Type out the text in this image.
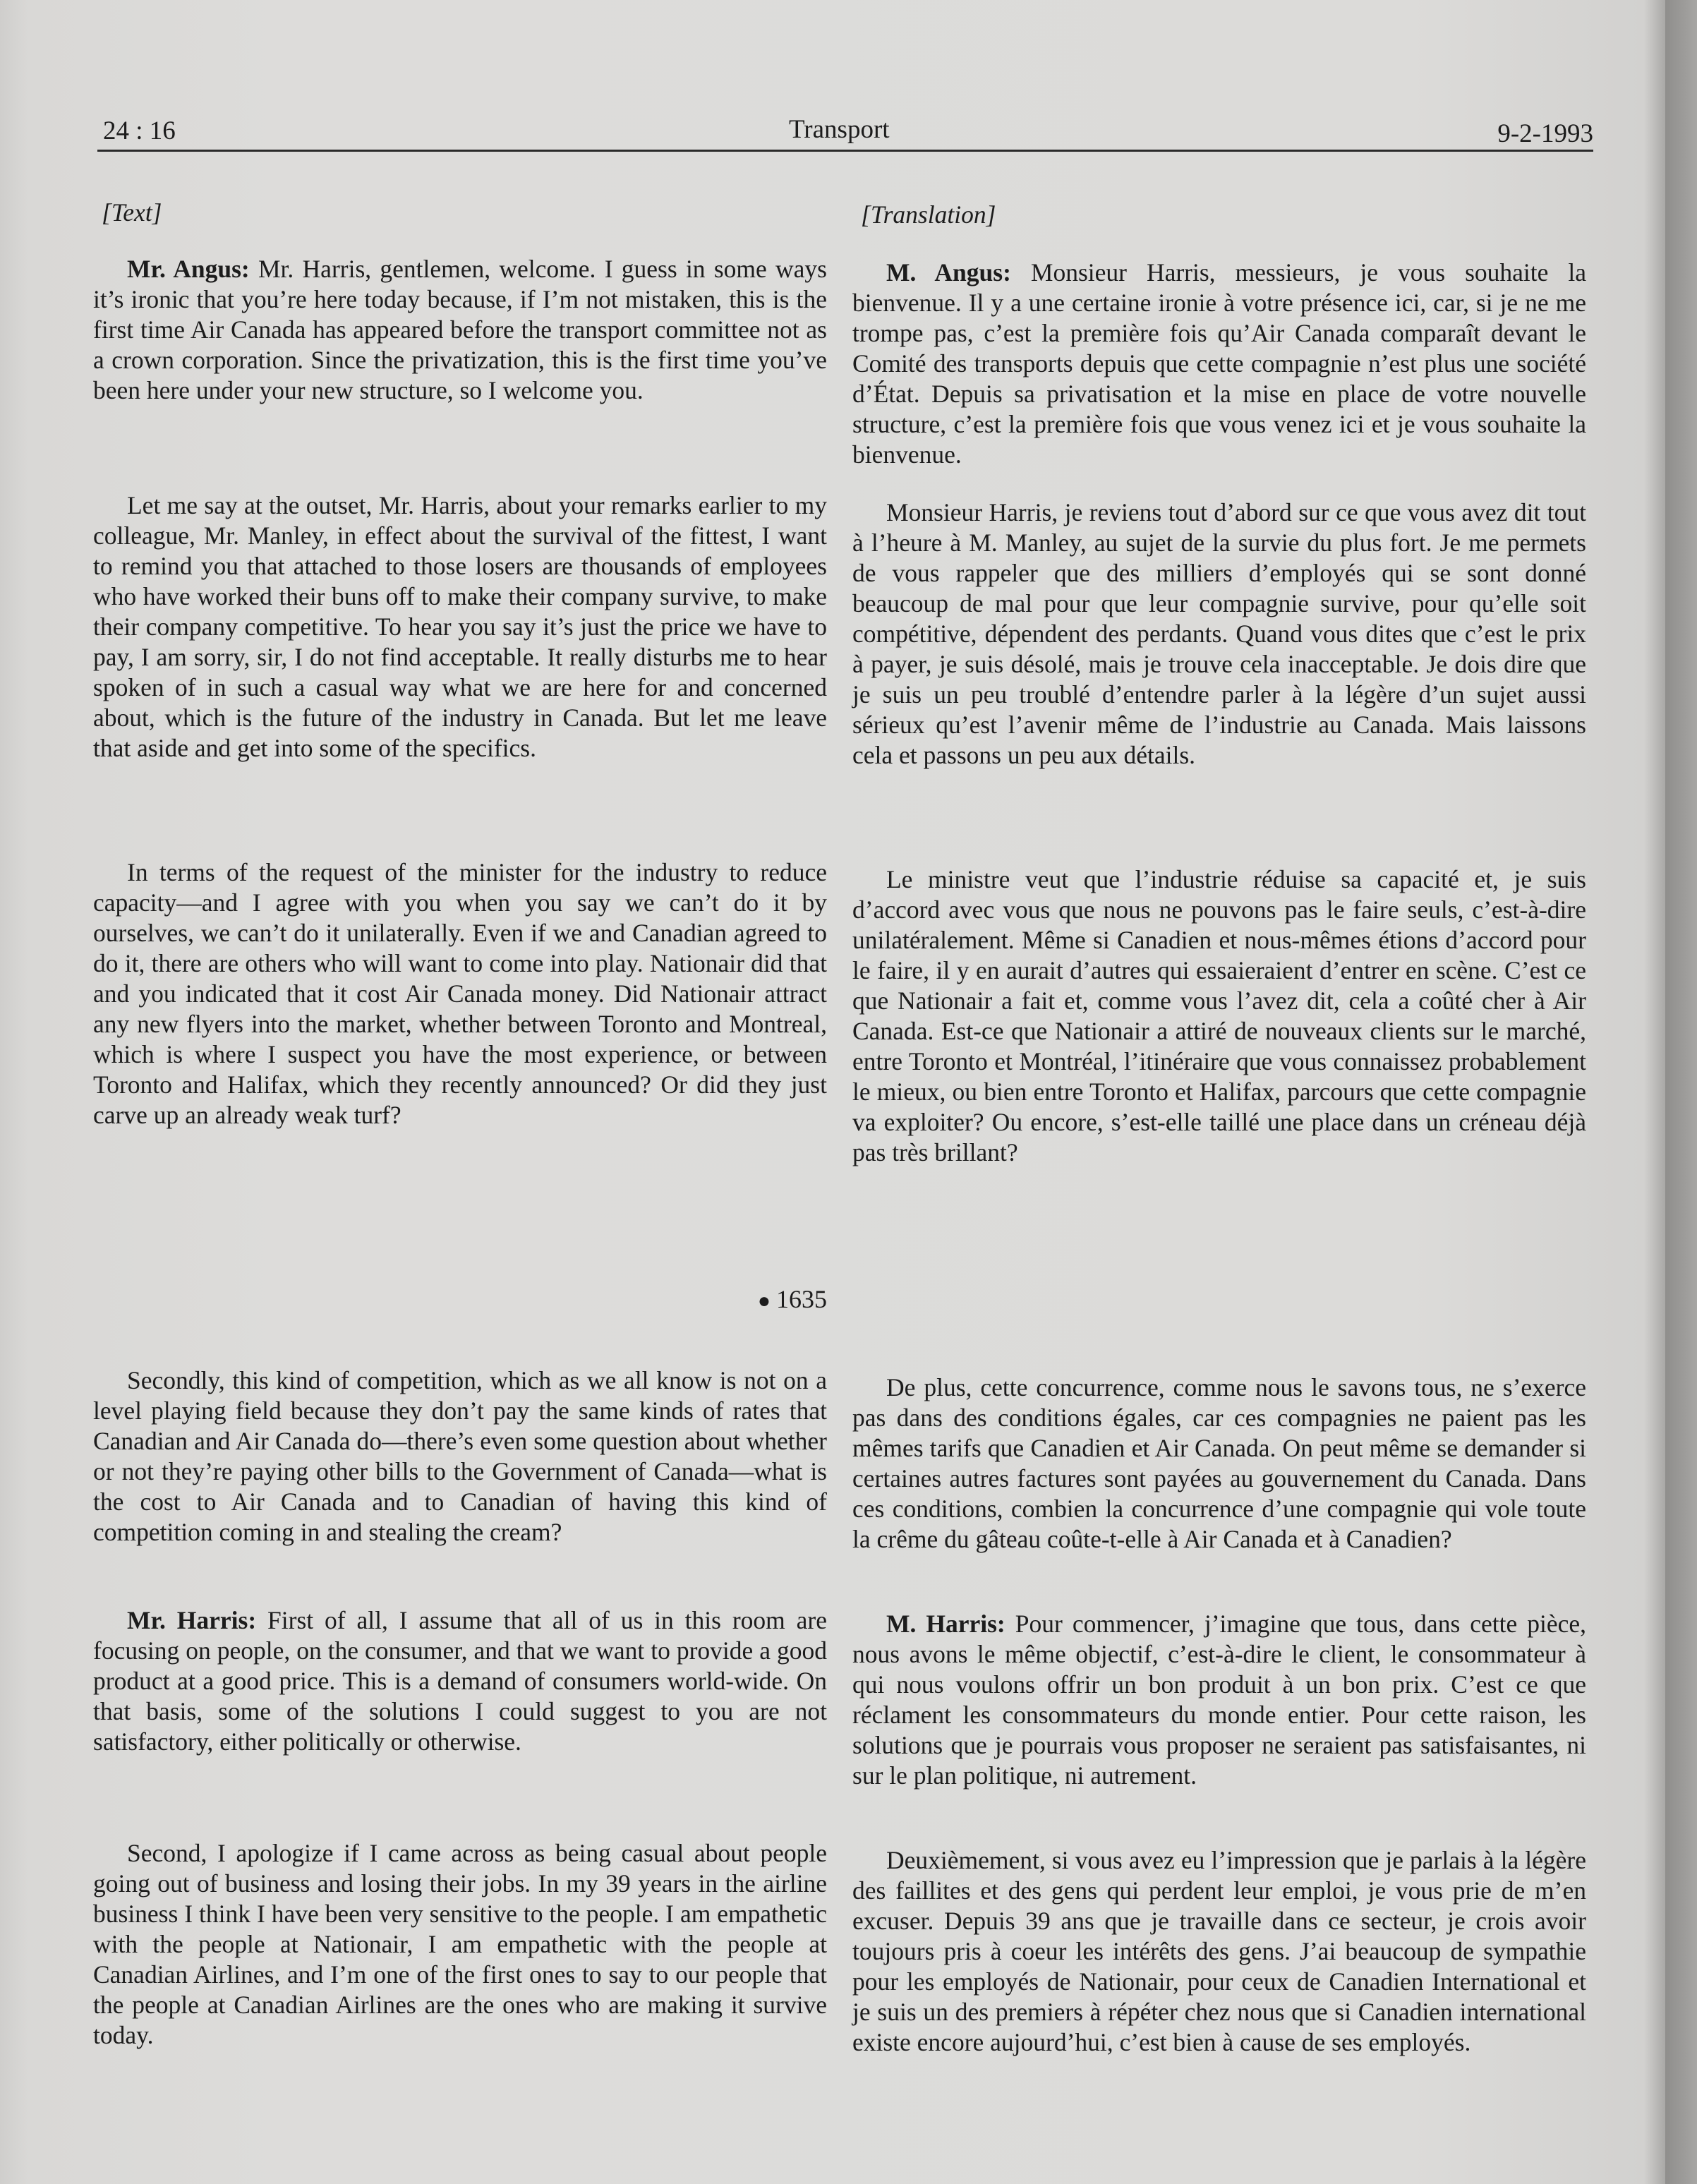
24 : 16	Transport	9-2-1993

[Text]

Mr. Angus: Mr. Harris, gentlemen, welcome. I guess in some ways it’s ironic that you’re here today because, if I’m not mistaken, this is the first time Air Canada has appeared before the transport committee not as a crown corporation. Since the privatization, this is the first time you’ve been here under your new structure, so I welcome you.

Let me say at the outset, Mr. Harris, about your remarks earlier to my colleague, Mr. Manley, in effect about the survival of the fittest, I want to remind you that attached to those losers are thousands of employees who have worked their buns off to make their company survive, to make their company competitive. To hear you say it’s just the price we have to pay, I am sorry, sir, I do not find acceptable. It really disturbs me to hear spoken of in such a casual way what we are here for and concerned about, which is the future of the industry in Canada. But let me leave that aside and get into some of the specifics.

In terms of the request of the minister for the industry to reduce capacity—and I agree with you when you say we can’t do it by ourselves, we can’t do it unilaterally. Even if we and Canadian agreed to do it, there are others who will want to come into play. Nationair did that and you indicated that it cost Air Canada money. Did Nationair attract any new flyers into the market, whether between Toronto and Montreal, which is where I suspect you have the most experience, or between Toronto and Halifax, which they recently announced? Or did they just carve up an already weak turf?

● 1635

Secondly, this kind of competition, which as we all know is not on a level playing field because they don’t pay the same kinds of rates that Canadian and Air Canada do—there’s even some question about whether or not they’re paying other bills to the Government of Canada—what is the cost to Air Canada and to Canadian of having this kind of competition coming in and stealing the cream?

Mr. Harris: First of all, I assume that all of us in this room are focusing on people, on the consumer, and that we want to provide a good product at a good price. This is a demand of consumers world-wide. On that basis, some of the solutions I could suggest to you are not satisfactory, either politically or otherwise.

Second, I apologize if I came across as being casual about people going out of business and losing their jobs. In my 39 years in the airline business I think I have been very sensitive to the people. I am empathetic with the people at Nationair, I am empathetic with the people at Canadian Airlines, and I’m one of the first ones to say to our people that the people at Canadian Airlines are the ones who are making it survive today.

[Translation]

M. Angus: Monsieur Harris, messieurs, je vous souhaite la bienvenue. Il y a une certaine ironie à votre présence ici, car, si je ne me trompe pas, c’est la première fois qu’Air Canada comparaît devant le Comité des transports depuis que cette compagnie n’est plus une société d’État. Depuis sa privatisation et la mise en place de votre nouvelle structure, c’est la première fois que vous venez ici et je vous souhaite la bienvenue.

Monsieur Harris, je reviens tout d’abord sur ce que vous avez dit tout à l’heure à M. Manley, au sujet de la survie du plus fort. Je me permets de vous rappeler que des milliers d’employés qui se sont donné beaucoup de mal pour que leur compagnie survive, pour qu’elle soit compétitive, dépendent des perdants. Quand vous dites que c’est le prix à payer, je suis désolé, mais je trouve cela inacceptable. Je dois dire que je suis un peu troublé d’entendre parler à la légère d’un sujet aussi sérieux qu’est l’avenir même de l’industrie au Canada. Mais laissons cela et passons un peu aux détails.

Le ministre veut que l’industrie réduise sa capacité et, je suis d’accord avec vous que nous ne pouvons pas le faire seuls, c’est-à-dire unilatéralement. Même si Canadien et nous-mêmes étions d’accord pour le faire, il y en aurait d’autres qui essaieraient d’entrer en scène. C’est ce que Nationair a fait et, comme vous l’avez dit, cela a coûté cher à Air Canada. Est-ce que Nationair a attiré de nouveaux clients sur le marché, entre Toronto et Montréal, l’itinéraire que vous connaissez probablement le mieux, ou bien entre Toronto et Halifax, parcours que cette compagnie va exploiter? Ou encore, s’est-elle taillé une place dans un créneau déjà pas très brillant?

De plus, cette concurrence, comme nous le savons tous, ne s’exerce pas dans des conditions égales, car ces compagnies ne paient pas les mêmes tarifs que Canadien et Air Canada. On peut même se demander si certaines autres factures sont payées au gouvernement du Canada. Dans ces conditions, combien la concurrence d’une compagnie qui vole toute la crême du gâteau coûte-t-elle à Air Canada et à Canadien?

M. Harris: Pour commencer, j’imagine que tous, dans cette pièce, nous avons le même objectif, c’est-à-dire le client, le consommateur à qui nous voulons offrir un bon produit à un bon prix. C’est ce que réclament les consommateurs du monde entier. Pour cette raison, les solutions que je pourrais vous proposer ne seraient pas satisfaisantes, ni sur le plan politique, ni autrement.

Deuxièmement, si vous avez eu l’impression que je parlais à la légère des faillites et des gens qui perdent leur emploi, je vous prie de m’en excuser. Depuis 39 ans que je travaille dans ce secteur, je crois avoir toujours pris à coeur les intérêts des gens. J’ai beaucoup de sympathie pour les employés de Nationair, pour ceux de Canadien International et je suis un des premiers à répéter chez nous que si Canadien international existe encore aujourd’hui, c’est bien à cause de ses employés.
